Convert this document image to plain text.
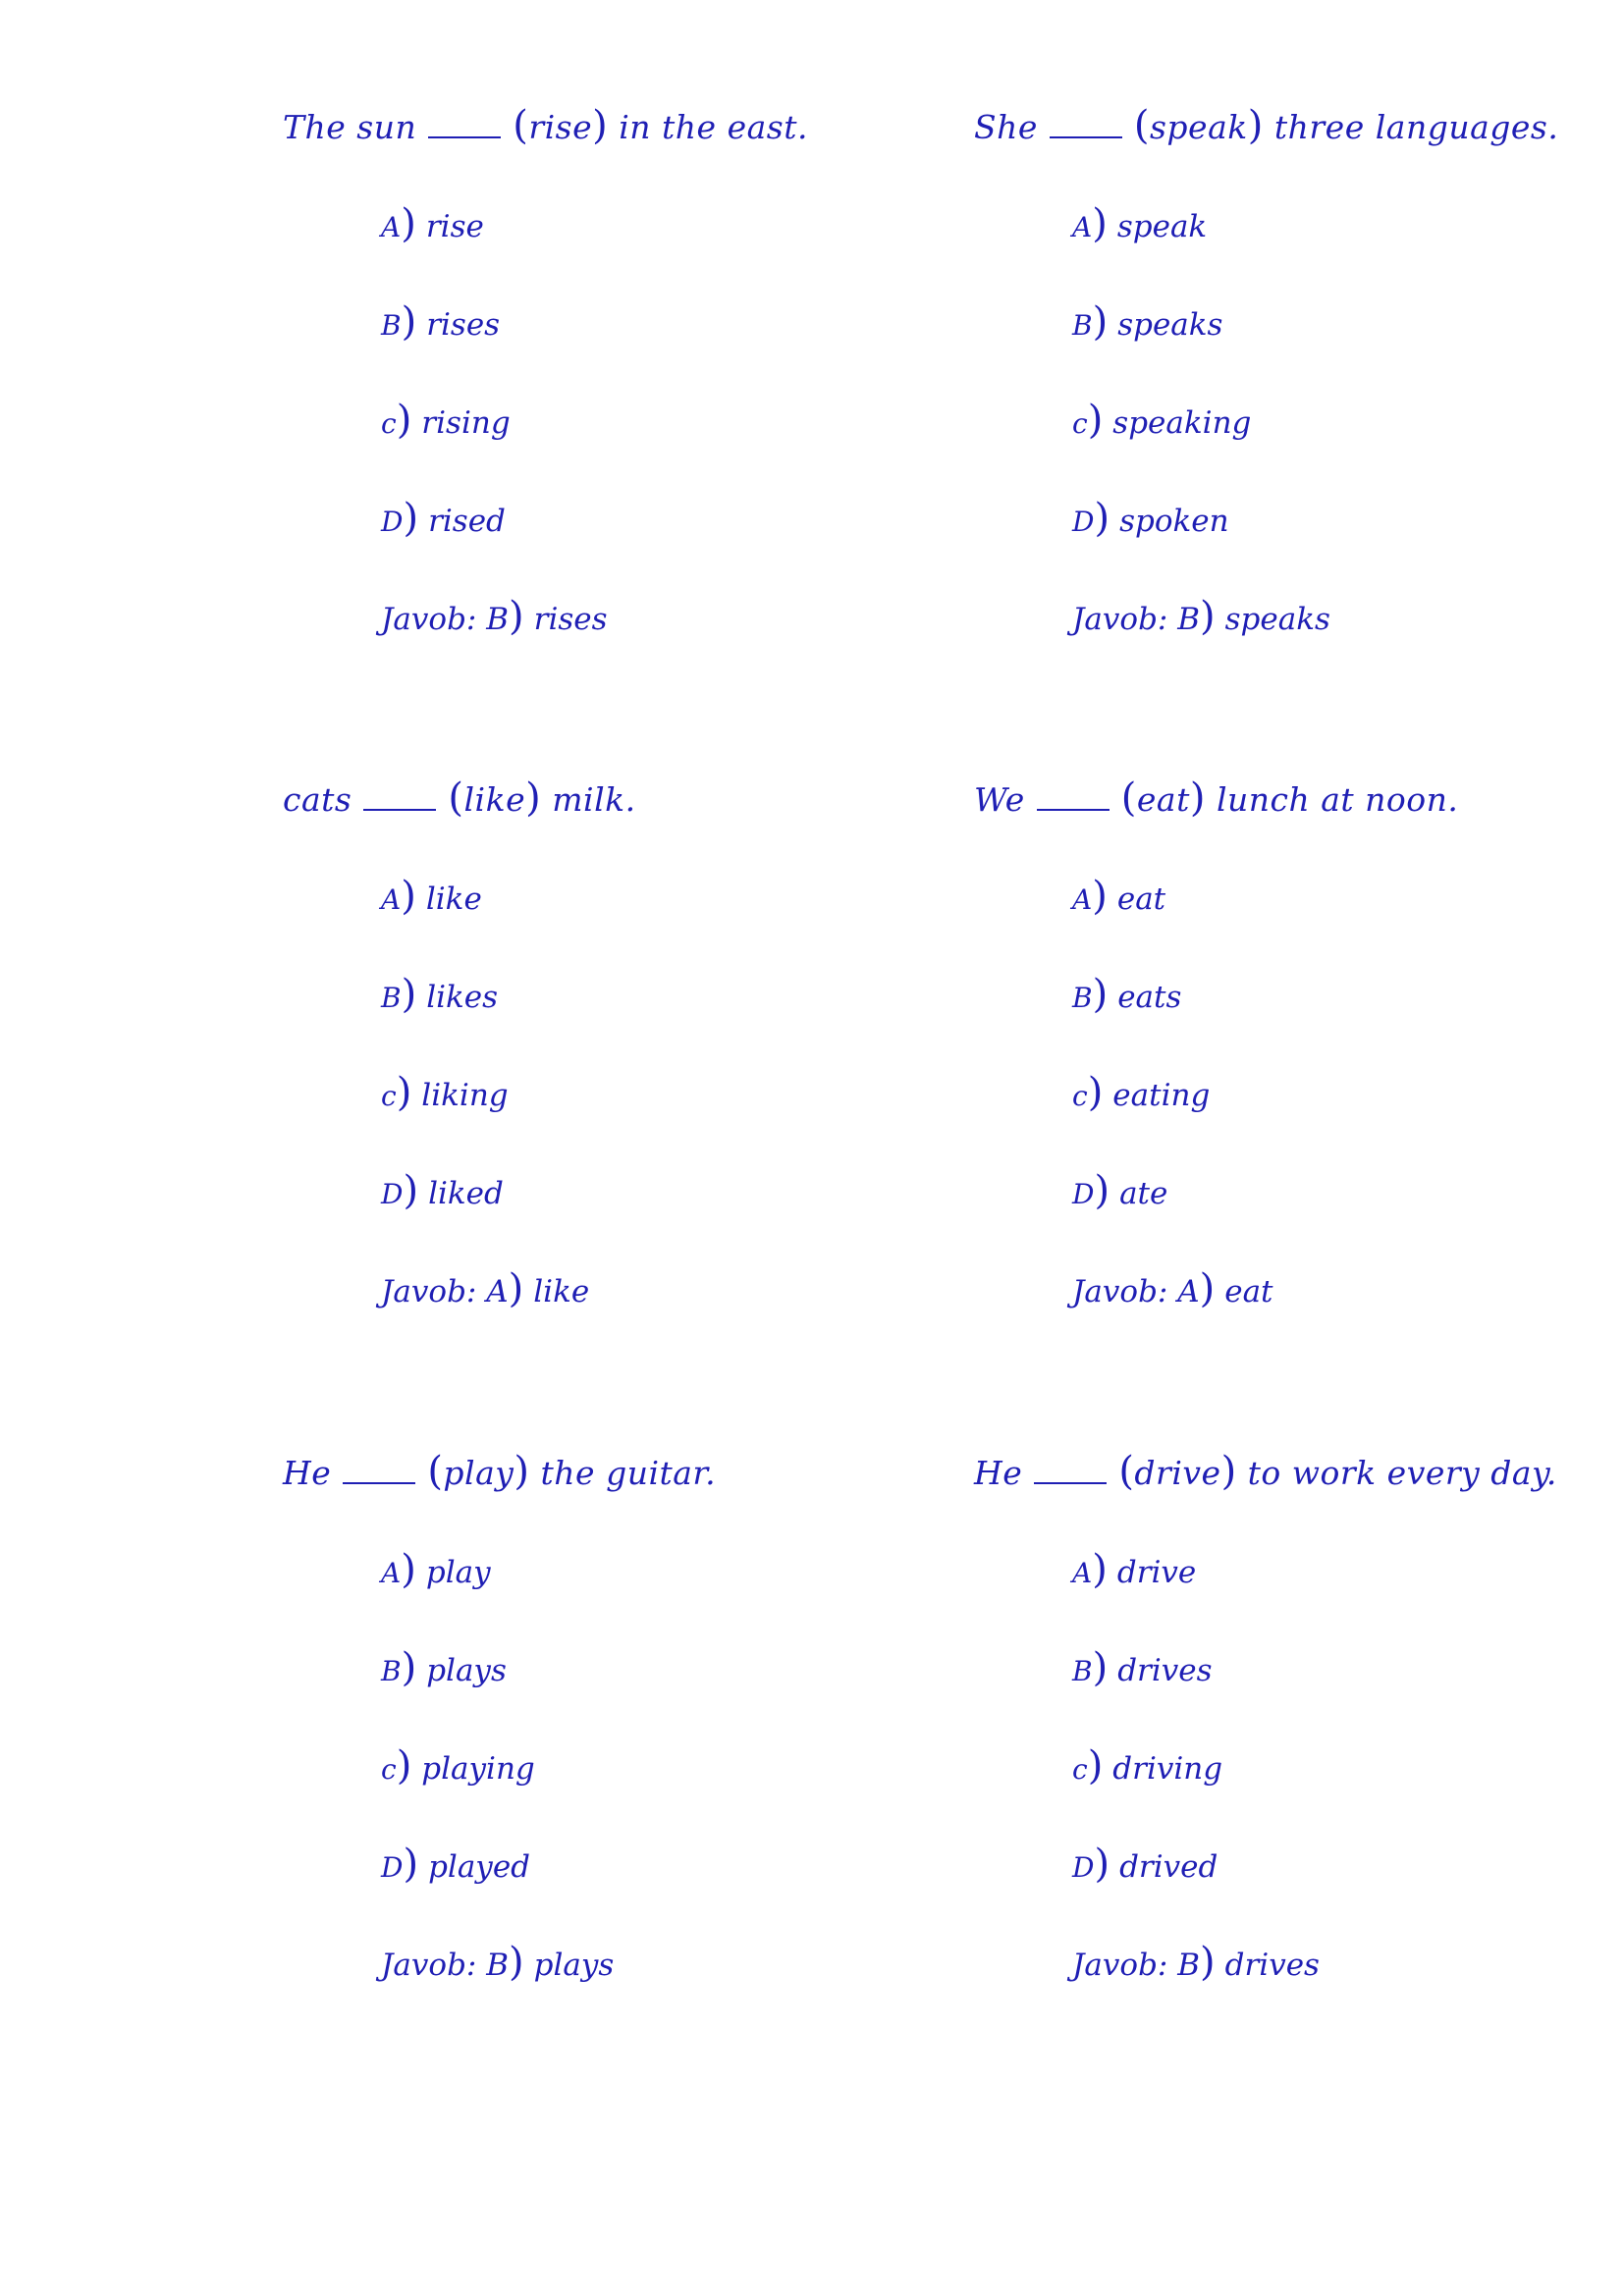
The sun (rise) in the east.
A) rise
B) rises
c) rising
D) rised
Javob: B) rises
She (speak) three languages.
A) speak
B) speaks
c) speaking
D) spoken
Javob: B) speaks
cats (like) milk.
A) like
B) likes
c) liking
D) liked
Javob: A) like
We (eat) lunch at noon.
A) eat
B) eats
c) eating
D) ate
Javob: A) eat
He (play) the guitar.
A) play
B) plays
c) playing
D) played
Javob: B) plays
He (drive) to work every day.
A) drive
B) drives
c) driving
D) drived
Javob: B) drives
